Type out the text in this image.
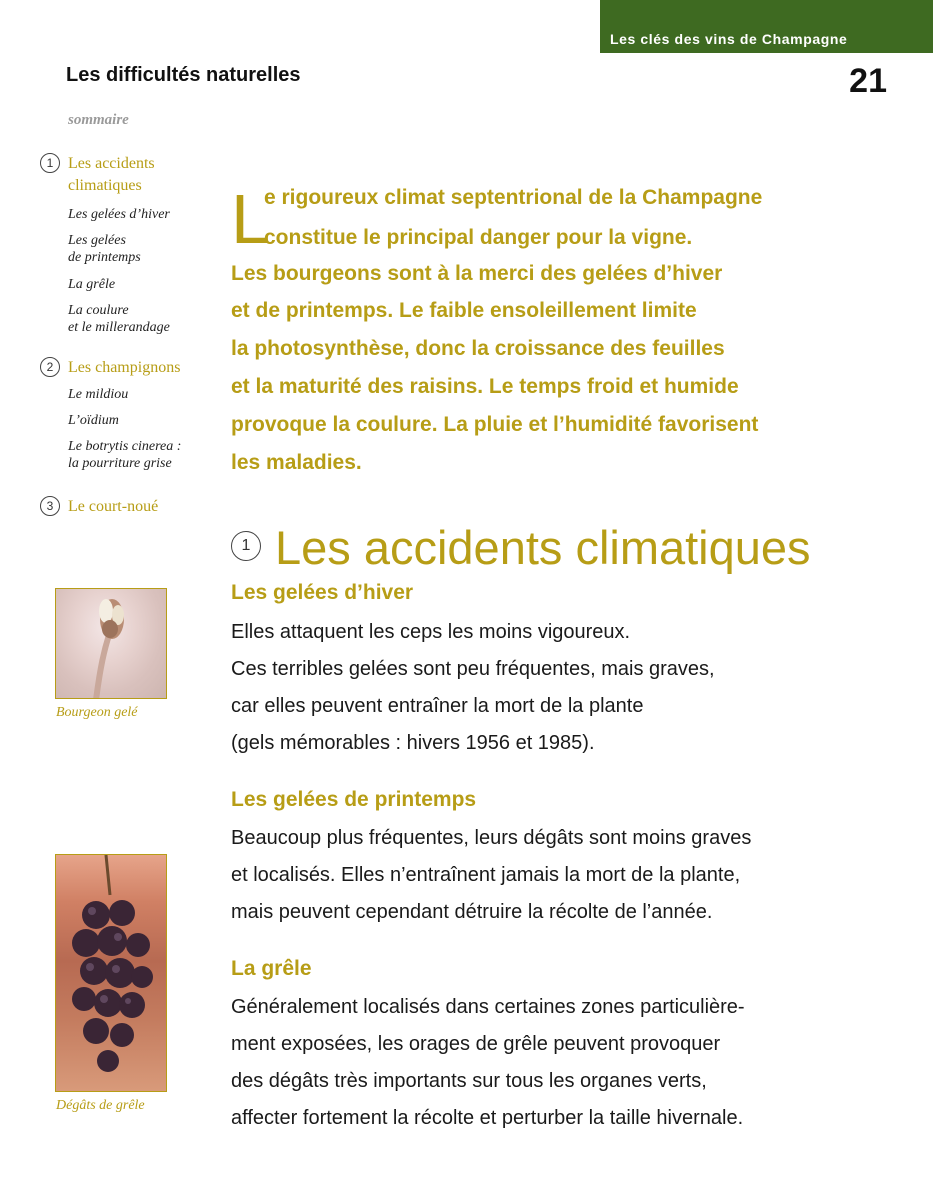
Les clés des vins de Champagne
Les difficultés naturelles	21
sommaire
1 Les accidents
climatiques
Les gelées d’hiver
Les gelées
de printemps
La grêle
La coulure
et le millerandage
2 Les champignons
Le mildiou
L’oïdium
Le botrytis cinerea :
la pourriture grise
3 Le court-noué
Bourgeon gelé
Dégâts de grêle
L
e rigoureux climat septentrional de la Champagne
constitue le principal danger pour la vigne.
Les bourgeons sont à la merci des gelées d’hiver
et de printemps. Le faible ensoleillement limite
la photosynthèse, donc la croissance des feuilles
et la maturité des raisins. Le temps froid et humide
provoque la coulure. La pluie et l’humidité favorisent
les maladies.
1 Les accidents climatiques
Les gelées d’hiver
Elles attaquent les ceps les moins vigoureux.
Ces terribles gelées sont peu fréquentes, mais graves,
car elles peuvent entraîner la mort de la plante
(gels mémorables : hivers 1956 et 1985).
Les gelées de printemps
Beaucoup plus fréquentes, leurs dégâts sont moins graves
et localisés. Elles n’entraînent jamais la mort de la plante,
mais peuvent cependant détruire la récolte de l’année.
La grêle
Généralement localisés dans certaines zones particulière-
ment exposées, les orages de grêle peuvent provoquer
des dégâts très importants sur tous les organes verts,
affecter fortement la récolte et perturber la taille hivernale.
